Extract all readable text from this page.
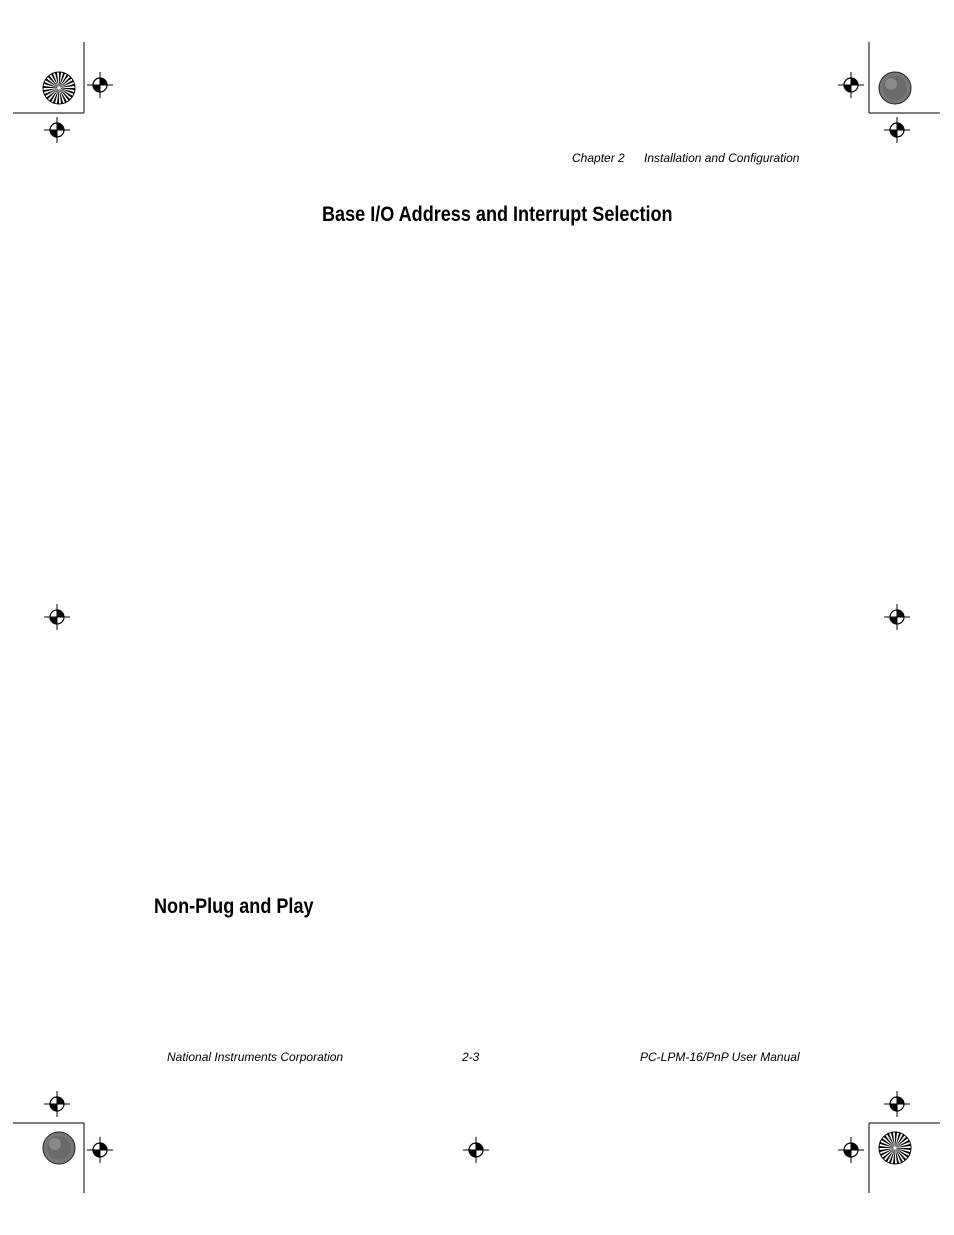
Chapter 2 Installation and Configuration
Base I/O Address and Interrupt Selection
Non-Plug and Play
National Instruments Corporation	2-3	PC-LPM-16/PnP User Manual
